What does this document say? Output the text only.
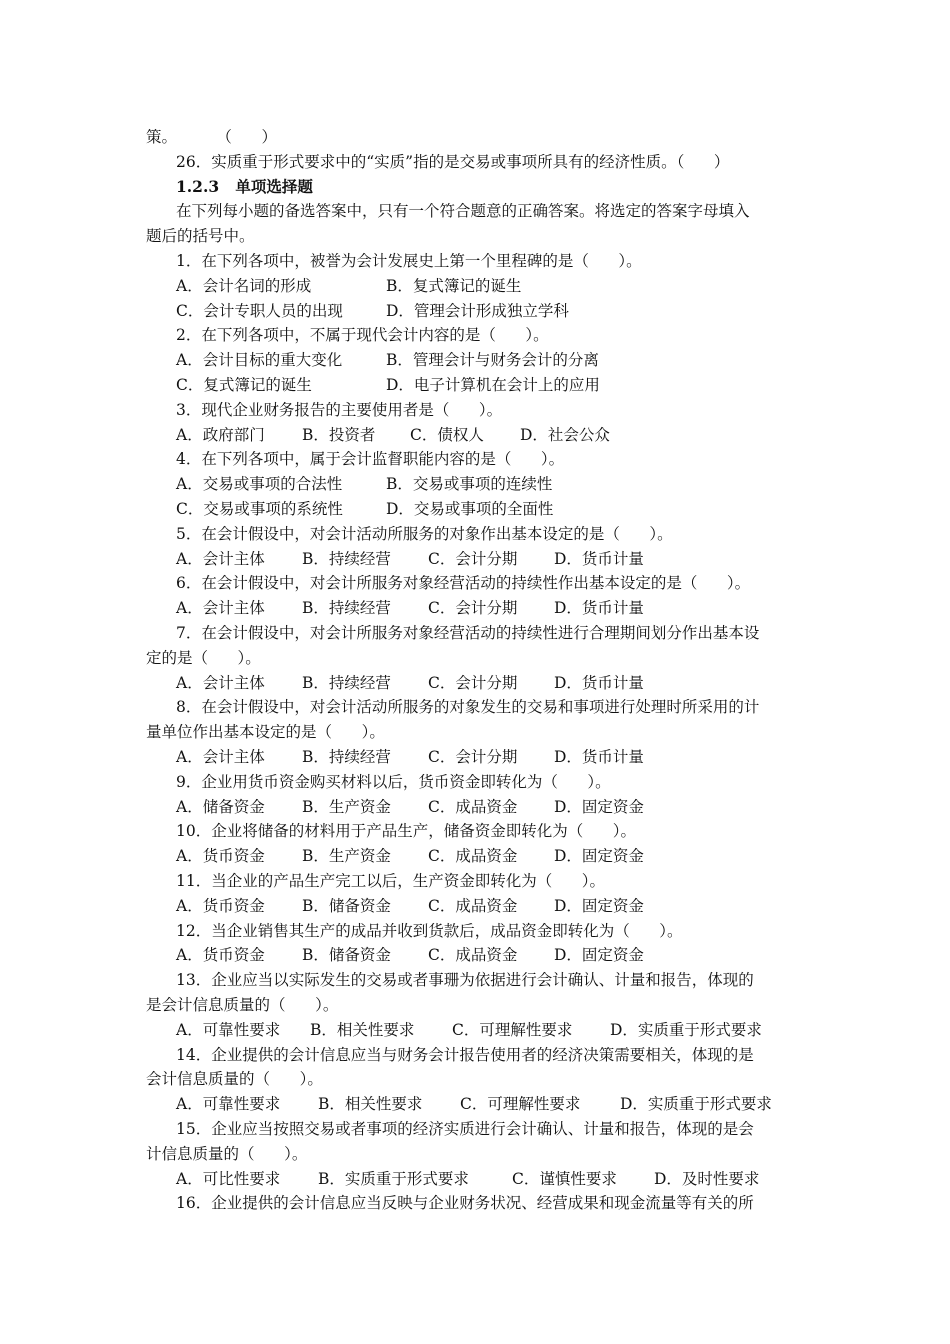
策。        （      ）
26．实质重于形式要求中的“实质”指的是交易或事项所具有的经济性质。（      ）
1.2.3   单项选择题
在下列每小题的备选答案中，只有一个符合题意的正确答案。将选定的答案字母填入
题后的括号中。
1．在下列各项中，被誉为会计发展史上第一个里程碑的是（      ）。
A．会计名词的形成	B．复式簿记的诞生
C．会计专职人员的出现	D．管理会计形成独立学科
2．在下列各项中，不属于现代会计内容的是（      ）。
A．会计目标的重大变化	B．管理会计与财务会计的分离
C．复式簿记的诞生	D．电子计算机在会计上的应用
3．现代企业财务报告的主要使用者是（      ）。
A．政府部门 B．投资者 C．债权人 D．社会公众
4．在下列各项中，属于会计监督职能内容的是（      ）。
A．交易或事项的合法性	B．交易或事项的连续性
C．交易或事项的系统性	D．交易或事项的全面性
5．在会计假设中，对会计活动所服务的对象作出基本设定的是（      ）。
A．会计主体 B．持续经营 C．会计分期 D．货币计量
6．在会计假设中，对会计所服务对象经营活动的持续性作出基本设定的是（      ）。
A．会计主体 B．持续经营 C．会计分期 D．货币计量
7．在会计假设中，对会计所服务对象经营活动的持续性进行合理期间划分作出基本设
定的是（      ）。
A．会计主体 B．持续经营 C．会计分期 D．货币计量
8．在会计假设中，对会计活动所服务的对象发生的交易和事项进行处理时所采用的计
量单位作出基本设定的是（      ）。
A．会计主体 B．持续经营 C．会计分期 D．货币计量
9．企业用货币资金购买材料以后，货币资金即转化为（      ）。
A．储备资金 B．生产资金 C．成品资金 D．固定资金
10．企业将储备的材料用于产品生产，储备资金即转化为（      ）。
A．货币资金 B．生产资金 C．成品资金 D．固定资金
11．当企业的产品生产完工以后，生产资金即转化为（      ）。
A．货币资金 B．储备资金 C．成品资金 D．固定资金
12．当企业销售其生产的成品并收到货款后，成品资金即转化为（      ）。
A．货币资金 B．储备资金 C．成品资金 D．固定资金
13．企业应当以实际发生的交易或者事珊为依据进行会计确认、计量和报告，体现的
是会计信息质量的（      ）。
A．可靠性要求 B．相关性要求 C．可理解性要求 D．实质重于形式要求
14．企业提供的会计信息应当与财务会计报告使用者的经济决策需要相关，体现的是
会计信息质量的（      ）。
A．可靠性要求 B．相关性要求 C．可理解性要求	D．实质重于形式要求
15．企业应当按照交易或者事项的经济实质进行会计确认、计量和报告，体现的是会
计信息质量的（      ）。
A．可比性要求 B．实质重于形式要求	C．谨慎性要求 D．及时性要求
16．企业提供的会计信息应当反映与企业财务状况、经营成果和现金流量等有关的所
